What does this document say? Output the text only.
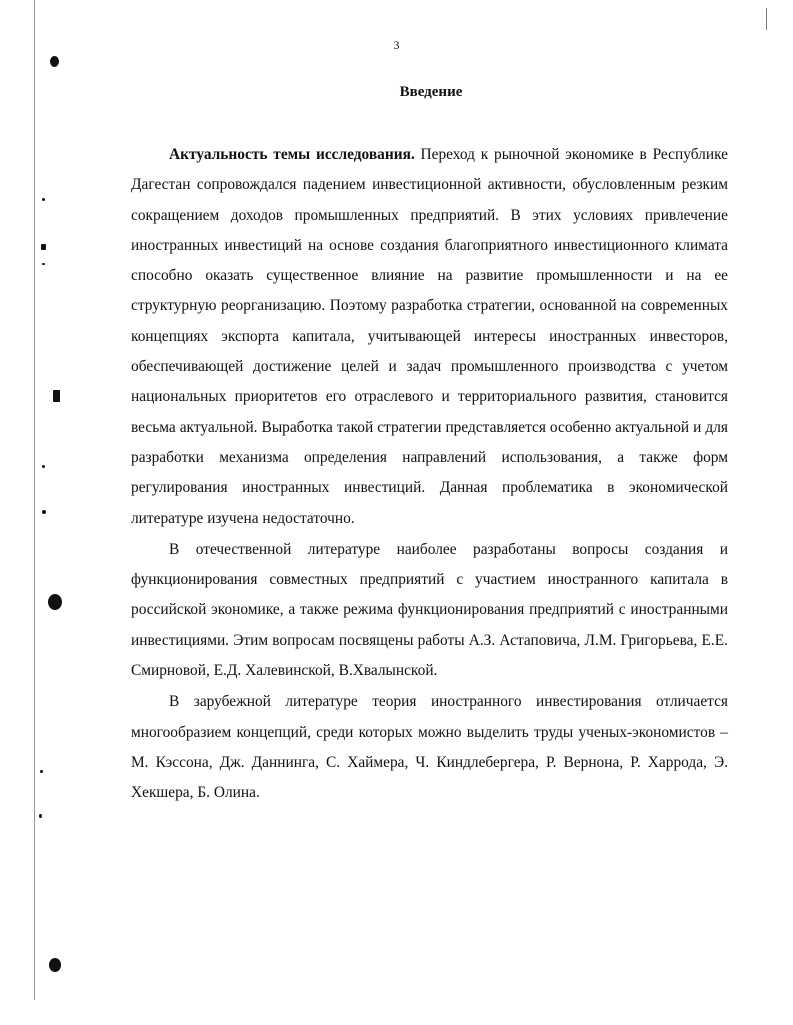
3
Введение

Актуальность темы исследования. Переход к рыночной экономике в Республике Дагестан сопровождался падением инвестиционной активности, обусловленным резким сокращением доходов промышленных предприятий. В этих условиях привлечение иностранных инвестиций на основе создания благоприятного инвестиционного климата способно оказать существенное влияние на развитие промышленности и на ее структурную реорганизацию. Поэтому разработка стратегии, основанной на современных концепциях экспорта капитала, учитывающей интересы иностранных инвесторов, обеспечивающей достижение целей и задач промышленного производства с учетом национальных приоритетов его отраслевого и территориального развития, становится весьма актуальной. Выработка такой стратегии представляется особенно актуальной и для разработки механизма определения направлений использования, а также форм регулирования иностранных инвестиций. Данная проблематика в экономической литературе изучена недостаточно.

В отечественной литературе наиболее разработаны вопросы создания и функционирования совместных предприятий с участием иностранного капитала в российской экономике, а также режима функционирования предприятий с иностранными инвестициями. Этим вопросам посвящены работы А.З. Астаповича, Л.М. Григорьева, Е.Е. Смирновой, Е.Д. Халевинской, В.Хвалынской.

В зарубежной литературе теория иностранного инвестирования отличается многообразием концепций, среди которых можно выделить труды ученых-экономистов – М. Кэссона, Дж. Даннинга, С. Хаймера, Ч. Киндлебергера, Р. Вернона, Р. Харрода, Э. Хекшера, Б. Олина.
